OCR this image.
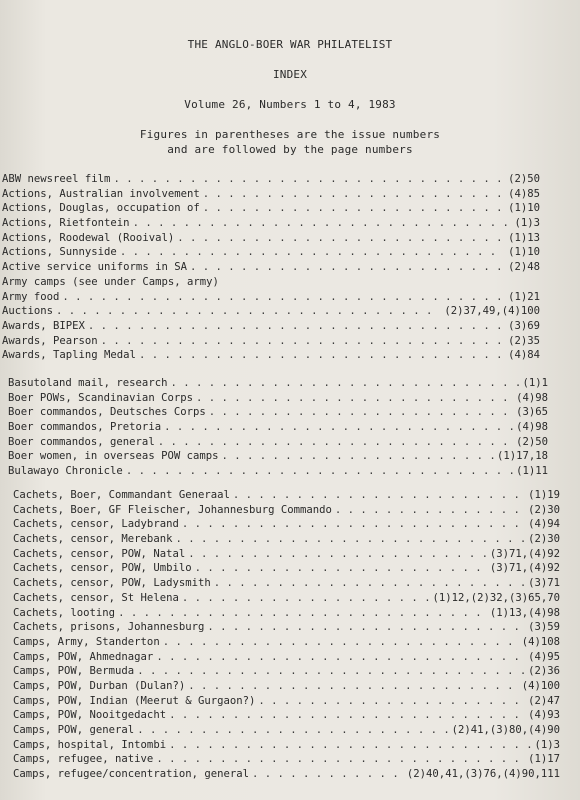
THE ANGLO-BOER WAR PHILATELIST
INDEX
Volume 26, Numbers 1 to 4, 1983
Figures in parentheses are the issue numbers
and are followed by the page numbers
ABW newsreel film . . .	(2)50
Actions, Australian involvement . . .	(4)85
Actions, Douglas, occupation of . . .	(1)10
Actions, Rietfontein . . .	(1)3
Actions, Roodewal (Rooival) . . .	(1)13
Actions, Sunnyside . . .	(1)10
Active service uniforms in SA . . .	(2)48
Army camps (see under Camps, army)
Army food . . .	(1)21
Auctions . . .	(2)37,49,(4)100
Awards, BIPEX . . .	(3)69
Awards, Pearson . . .	(2)35
Awards, Tapling Medal . . .	(4)84
Basutoland mail, research . . .	(1)1
Boer POWs, Scandinavian Corps . . .	(4)98
Boer commandos, Deutsches Corps . . .	(3)65
Boer commandos, Pretoria . . .	(4)98
Boer commandos, general . . .	(2)50
Boer women, in overseas POW camps . . .	(1)17,18
Bulawayo Chronicle . . .	(1)11
Cachets, Boer, Commandant Generaal . . .	(1)19
Cachets, Boer, GF Fleischer, Johannesburg Commando . . .	(2)30
Cachets, censor, Ladybrand . . .	(4)94
Cachets, censor, Merebank . . .	(2)30
Cachets, censor, POW, Natal . . .	(3)71,(4)92
Cachets, censor, POW, Umbilo . . .	(3)71,(4)92
Cachets, censor, POW, Ladysmith . . .	(3)71
Cachets, censor, St Helena . . .	(1)12,(2)32,(3)65,70
Cachets, looting . . .	(1)13,(4)98
Cachets, prisons, Johannesburg . . .	(3)59
Camps, Army, Standerton . . .	(4)108
Camps, POW, Ahmednagar . . .	(4)95
Camps, POW, Bermuda . . .	(2)36
Camps, POW, Durban (Dulan?) . . .	(4)100
Camps, POW, Indian (Meerut & Gurgaon?) . . .	(2)47
Camps, POW, Nooitgedacht . . .	(4)93
Camps, POW, general . . .	(2)41,(3)80,(4)90
Camps, hospital, Intombi . . .	(1)3
Camps, refugee, native . . .	(1)17
Camps, refugee/concentration, general . . .	(2)40,41,(3)76,(4)90,111
